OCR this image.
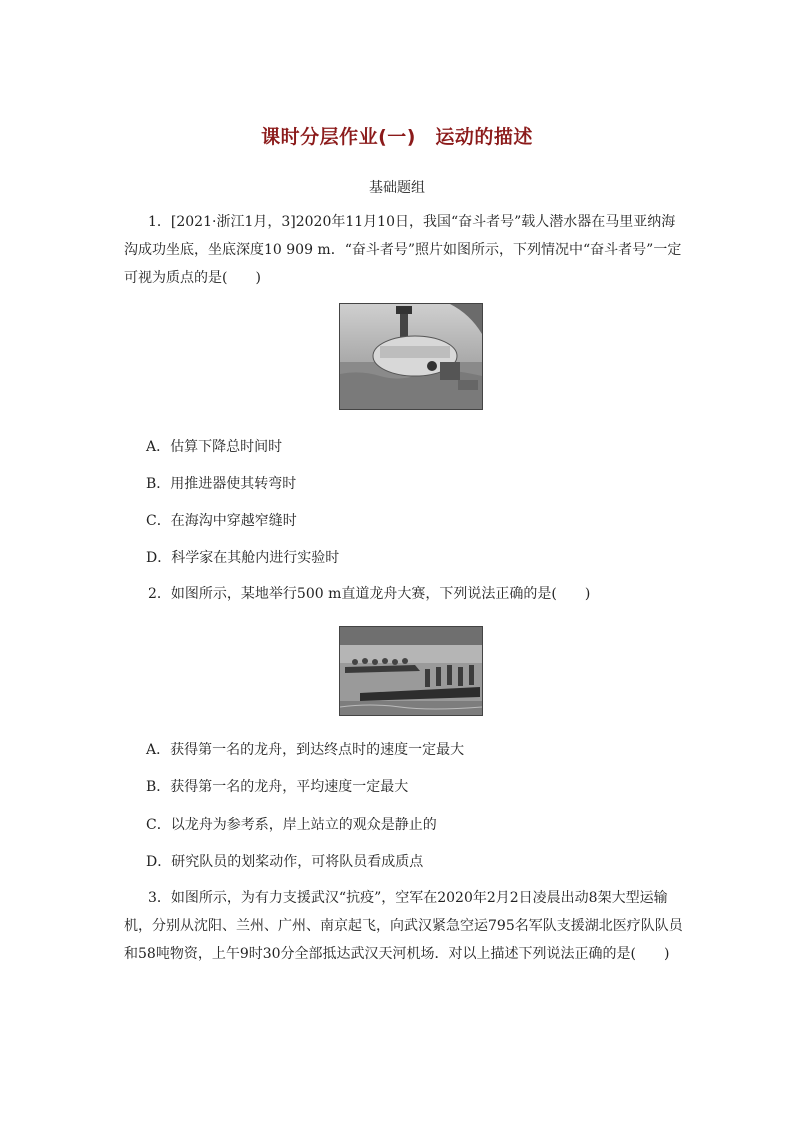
课时分层作业(一)　运动的描述
基础题组
1．[2021·浙江1月，3]2020年11月10日，我国“奋斗者号”载人潜水器在马里亚纳海沟成功坐底，坐底深度10 909 m．“奋斗者号”照片如图所示，下列情况中“奋斗者号”一定可视为质点的是(　　)
A．估算下降总时间时
B．用推进器使其转弯时
C．在海沟中穿越窄缝时
D．科学家在其舱内进行实验时
2．如图所示，某地举行500 m直道龙舟大赛，下列说法正确的是(　　)
A．获得第一名的龙舟，到达终点时的速度一定最大
B．获得第一名的龙舟，平均速度一定最大
C．以龙舟为参考系，岸上站立的观众是静止的
D．研究队员的划桨动作，可将队员看成质点
3．如图所示，为有力支援武汉“抗疫”，空军在2020年2月2日凌晨出动8架大型运输机，分别从沈阳、兰州、广州、南京起飞，向武汉紧急空运795名军队支援湖北医疗队队员和58吨物资，上午9时30分全部抵达武汉天河机场．对以上描述下列说法正确的是(　　)
